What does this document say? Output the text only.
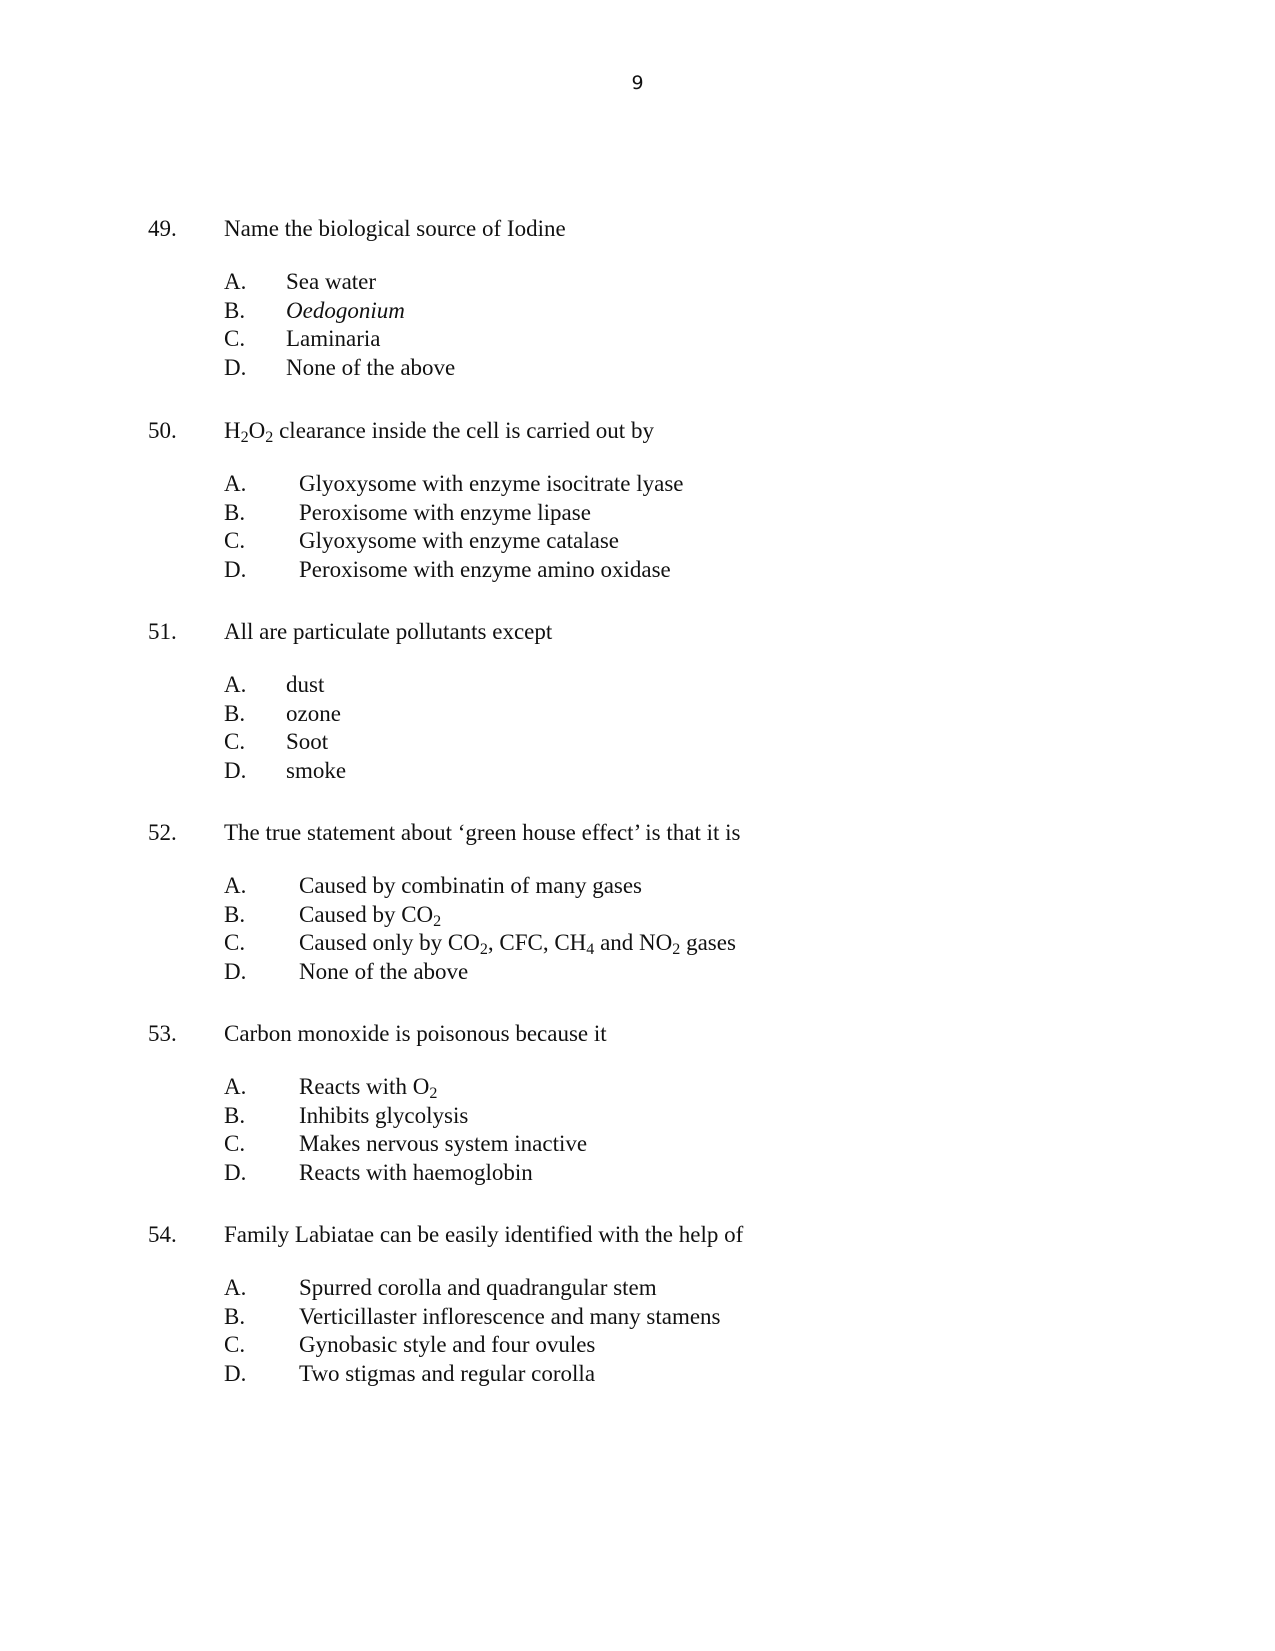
9
49. Name the biological source of Iodine
A. Sea water
B. Oedogonium
C. Laminaria
D. None of the above
50. $H_2O_2$ clearance inside the cell is carried out by
A. Glyoxysome with enzyme isocitrate lyase
B. Peroxisome with enzyme lipase
C. Glyoxysome with enzyme catalase
D. Peroxisome with enzyme amino oxidase
51. All are particulate pollutants except
A. dust
B. ozone
C. Soot
D. smoke
52. The true statement about ‘green house effect’ is that it is
A. Caused by combinatin of many gases
B. Caused by $CO_2$
C. Caused only by $CO_2$, CFC, $CH_4$ and $NO_2$ gases
D. None of the above
53. Carbon monoxide is poisonous because it
A. Reacts with $O_2$
B. Inhibits glycolysis
C. Makes nervous system inactive
D. Reacts with haemoglobin
54. Family Labiatae can be easily identified with the help of
A. Spurred corolla and quadrangular stem
B. Verticillaster inflorescence and many stamens
C. Gynobasic style and four ovules
D. Two stigmas and regular corolla
